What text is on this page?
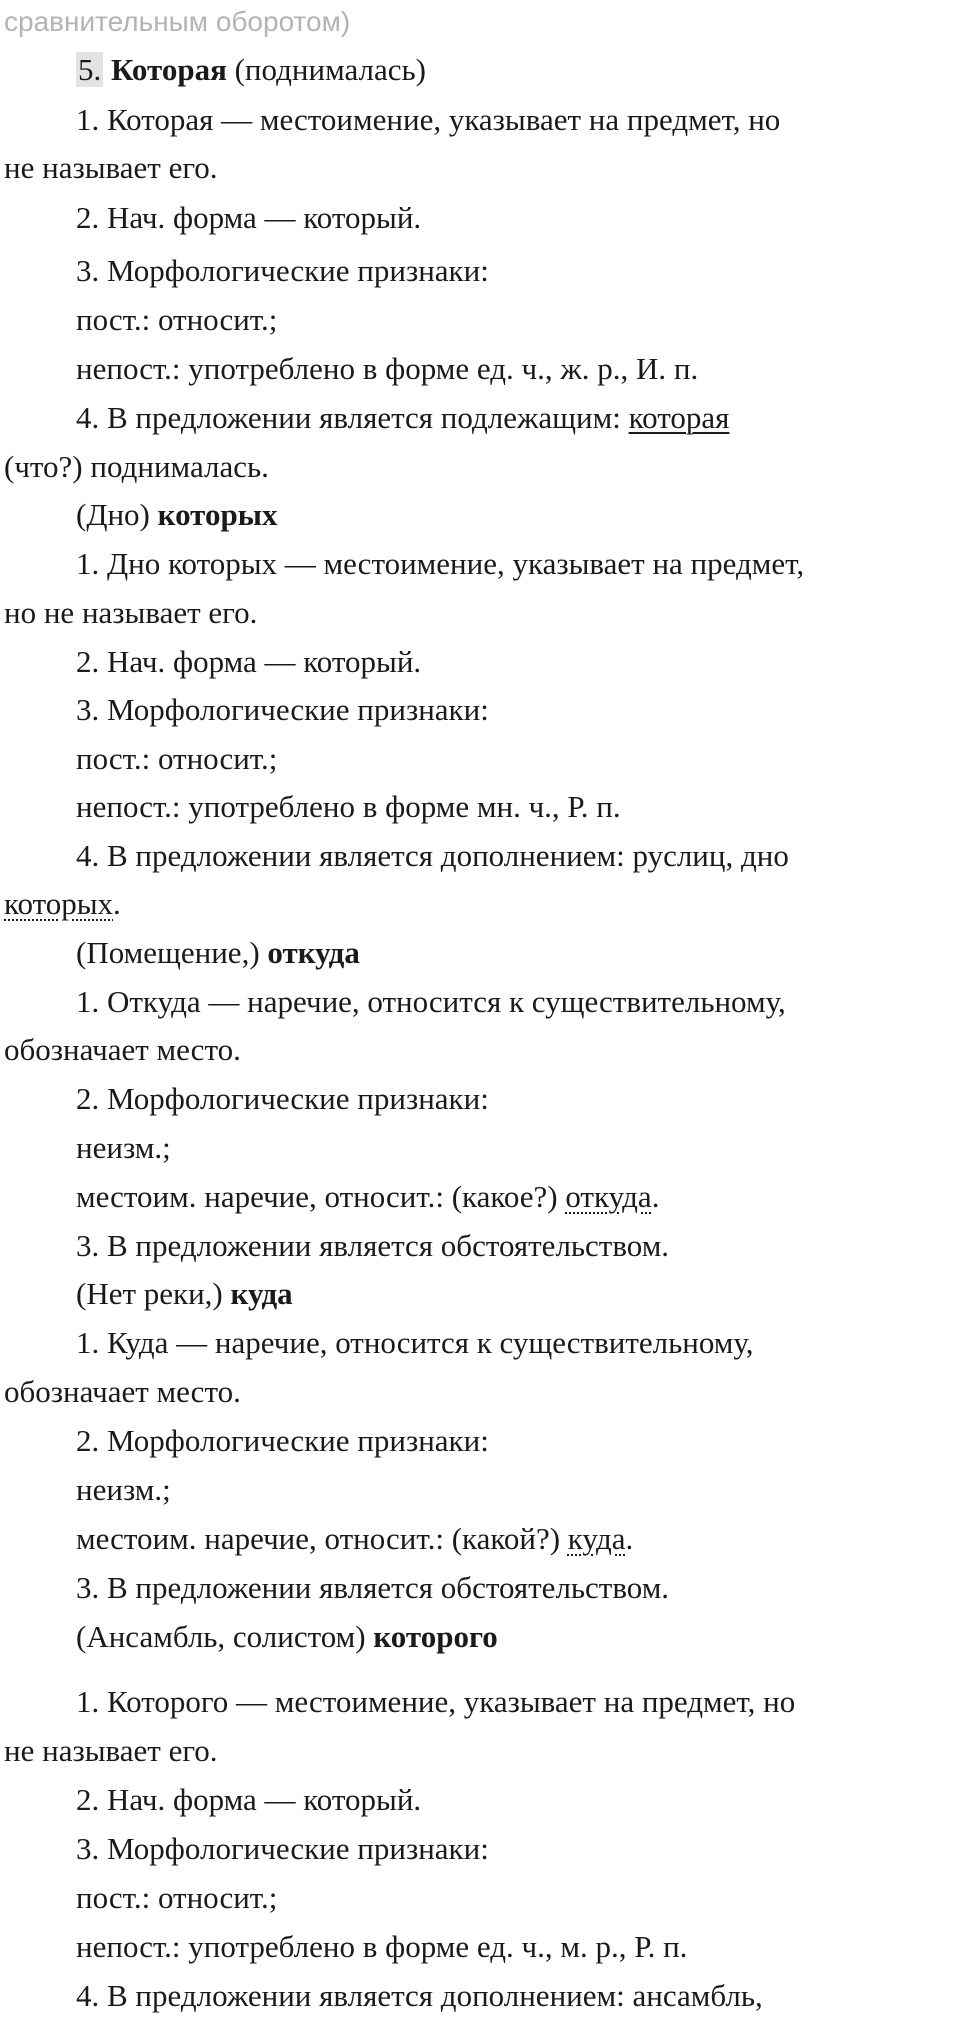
сравнительным оборотом)
5. Которая (поднималась)
1. Которая — местоимение, указывает на предмет, но
не называет его.
2. Нач. форма — который.
3. Морфологические признаки:
пост.: относит.;
непост.: употреблено в форме ед. ч., ж. р., И. п.
4. В предложении является подлежащим: которая
(что?) поднималась.
(Дно) которых
1. Дно которых — местоимение, указывает на предмет,
но не называет его.
2. Нач. форма — который.
3. Морфологические признаки:
пост.: относит.;
непост.: употреблено в форме мн. ч., Р. п.
4. В предложении является дополнением: руслиц, дно
которых.
(Помещение,) откуда
1. Откуда — наречие, относится к существительному,
обозначает место.
2. Морфологические признаки:
неизм.;
местоим. наречие, относит.: (какое?) откуда.
3. В предложении является обстоятельством.
(Нет реки,) куда
1. Куда — наречие, относится к существительному,
обозначает место.
2. Морфологические признаки:
неизм.;
местоим. наречие, относит.: (какой?) куда.
3. В предложении является обстоятельством.
(Ансамбль, солистом) которого
1. Которого — местоимение, указывает на предмет, но
не называет его.
2. Нач. форма — который.
3. Морфологические признаки:
пост.: относит.;
непост.: употреблено в форме ед. ч., м. р., Р. п.
4. В предложении является дополнением: ансамбль,
